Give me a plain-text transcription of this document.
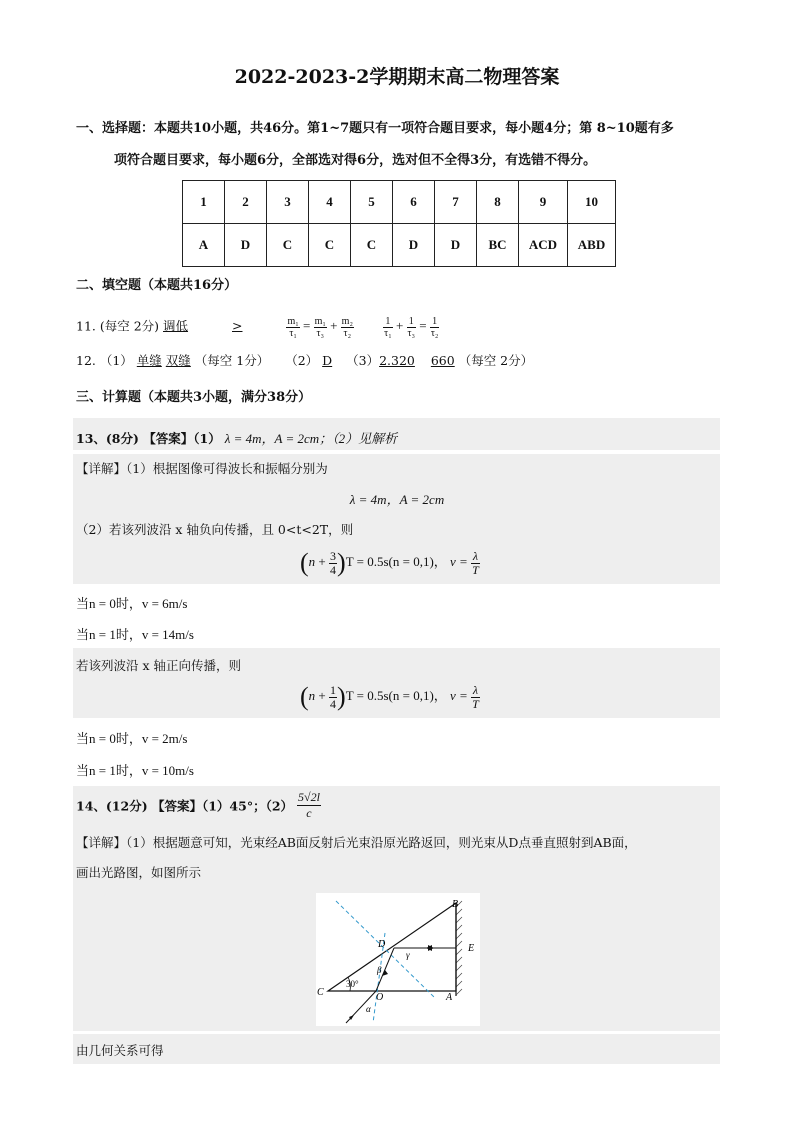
2022-2023-2学期期末高二物理答案
一、选择题：本题共10小题，共46分。第1~7题只有一项符合题目要求，每小题4分；第 8~10题有多
项符合题目要求，每小题6分，全部选对得6分，选对但不全得3分，有选错不得分。
1	2	3	4	5	6	7	8	9	10
A	D	C	C	C	D	D	BC	ACD	ABD
二、填空题（本题共16分）
11. (每空 2分) 调低	>	$\frac{\text{m₁}}{\text{τ₁}} = \frac{\text{m₁}}{\text{τ₃}} + \frac{\text{m₂}}{\text{τ₂}}$
	$\frac{1}{\text{τ₁}} + \frac{1}{\text{τ₃}} = \frac{1}{\text{τ₂}}$
12. （1） 单缝 双缝 （每空 1分） （2） D （3）2.320 660 （每空 2分）
三、计算题（本题共3小题，满分38分）
13、(8分) 【答案】（1） λ = 4m，A = 2cm；（2）见解析
【详解】（1）根据图像可得波长和振幅分别为
λ = 4m，A = 2cm
（2）若该列波沿 x 轴负向传播，且 0<t<2T，则
$(n + \frac{3}{4} )T = 0.5s(n = 0,1)$， $v = \frac{\lambda}{T}$
当n = 0时，v = 6m/s
当n = 1时，v = 14m/s
若该列波沿 x 轴正向传播，则
$(n + \frac{1}{4} )T = 0.5s(n = 0,1)$， $v = \frac{\lambda}{T}$
当n = 0时，v = 2m/s
当n = 1时，v = 10m/s
14、(12分) 【答案】（1）45°；$(2) \frac{5√2l}{c}$
【详解】（1）根据题意可知，光束经AB面反射后光束沿原光路返回，则光束从D点垂直照射到AB面，
画出光路图，如图所示
B
D	E
C	O	A
30°
γ
β
α
由几何关系可得
